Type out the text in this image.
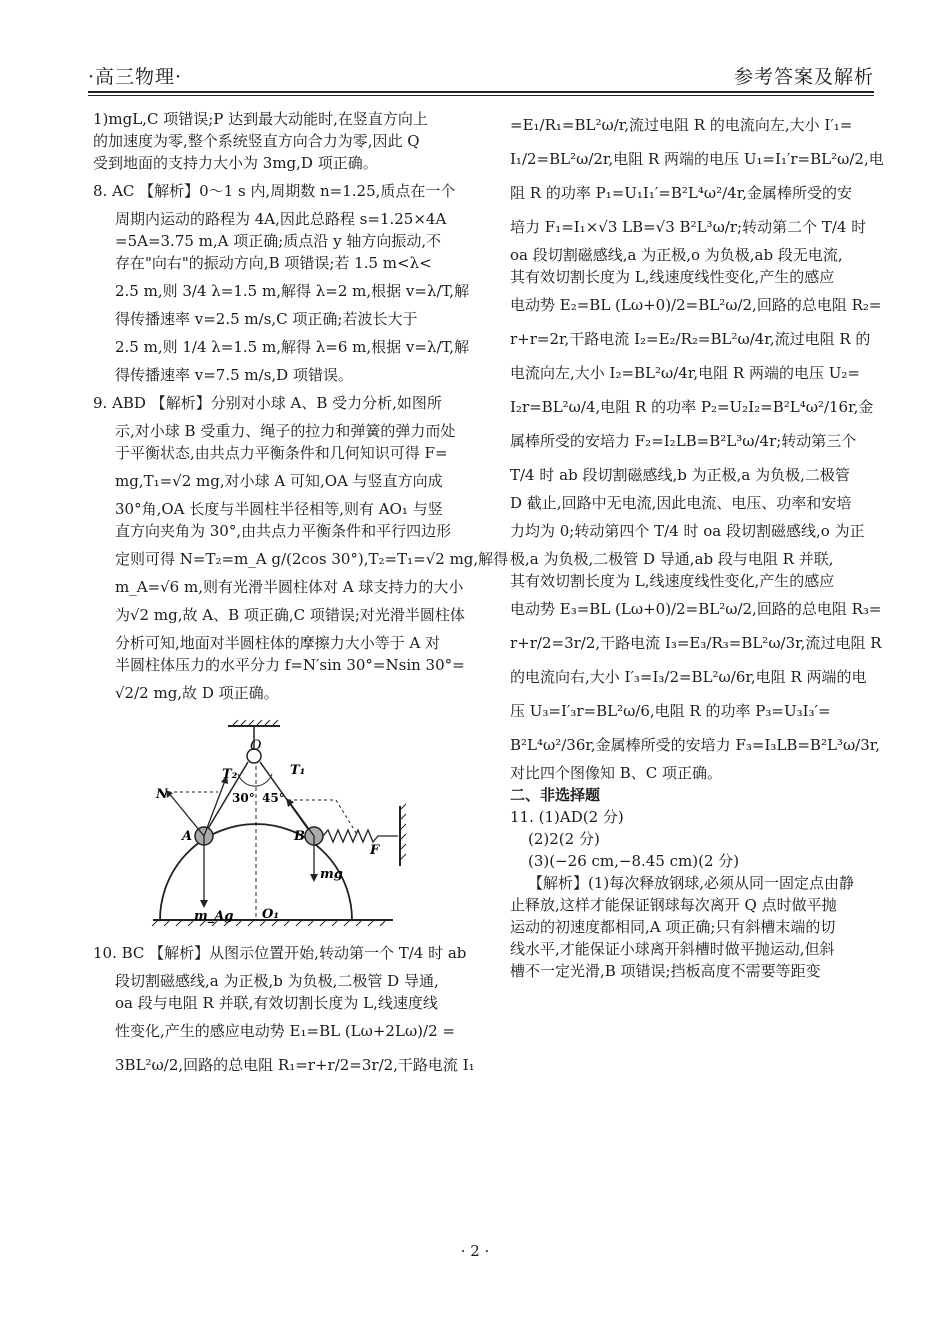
·高三物理·	参考答案及解析
1)mgL,C 项错误;P 达到最大动能时,在竖直方向上
的加速度为零,整个系统竖直方向合力为零,因此 Q
受到地面的支持力大小为 3mg,D 项正确。
8. AC 【解析】0～1 s 内,周期数 n=1.25,质点在一个
周期内运动的路程为 4A,因此总路程 s=1.25×4A
=5A=3.75 m,A 项正确;质点沿 y 轴方向振动,不
存在"向右"的振动方向,B 项错误;若 1.5 m<λ<
2.5 m,则 3/4 λ=1.5 m,解得 λ=2 m,根据 v=λ/T,解
得传播速率 v=2.5 m/s,C 项正确;若波长大于
2.5 m,则 1/4 λ=1.5 m,解得 λ=6 m,根据 v=λ/T,解
得传播速率 v=7.5 m/s,D 项错误。
9. ABD 【解析】分别对小球 A、B 受力分析,如图所
示,对小球 B 受重力、绳子的拉力和弹簧的弹力而处
于平衡状态,由共点力平衡条件和几何知识可得 F=
mg,T₁=√2 mg,对小球 A 可知,OA 与竖直方向成
30°角,OA 长度与半圆柱半径相等,则有 AO₁ 与竖
直方向夹角为 30°,由共点力平衡条件和平行四边形
定则可得 N=T₂=m_A g/(2cos 30°),T₂=T₁=√2 mg,解得
m_A=√6 m,则有光滑半圆柱体对 A 球支持力的大小
为√2 mg,故 A、B 项正确,C 项错误;对光滑半圆柱体
分析可知,地面对半圆柱体的摩擦力大小等于 A 对
半圆柱体压力的水平分力 f=N′sin 30°=Nsin 30°=
√2/2 mg,故 D 项正确。
O
T₂	T₁
N	30° 45°
A	B
F
mg
m_Ag O₁
10. BC 【解析】从图示位置开始,转动第一个 T/4 时 ab
段切割磁感线,a 为正极,b 为负极,二极管 D 导通,
oa 段与电阻 R 并联,有效切割长度为 L,线速度线
性变化,产生的感应电动势 E₁=BL (Lω+2Lω)/2 =
3BL²ω/2,回路的总电阻 R₁=r+r/2=3r/2,干路电流 I₁
=E₁/R₁=BL²ω/r,流过电阻 R 的电流向左,大小 I′₁=
I₁/2=BL²ω/2r,电阻 R 两端的电压 U₁=I₁′r=BL²ω/2,电
阻 R 的功率 P₁=U₁I₁′=B²L⁴ω²/4r,金属棒所受的安
培力 F₁=I₁×√3 LB=√3 B²L³ω/r;转动第二个 T/4 时
oa 段切割磁感线,a 为正极,o 为负极,ab 段无电流,
其有效切割长度为 L,线速度线性变化,产生的感应
电动势 E₂=BL (Lω+0)/2=BL²ω/2,回路的总电阻 R₂=
r+r=2r,干路电流 I₂=E₂/R₂=BL²ω/4r,流过电阻 R 的
电流向左,大小 I₂=BL²ω/4r,电阻 R 两端的电压 U₂=
I₂r=BL²ω/4,电阻 R 的功率 P₂=U₂I₂=B²L⁴ω²/16r,金
属棒所受的安培力 F₂=I₂LB=B²L³ω/4r;转动第三个
T/4 时 ab 段切割磁感线,b 为正极,a 为负极,二极管
D 截止,回路中无电流,因此电流、电压、功率和安培
力均为 0;转动第四个 T/4 时 oa 段切割磁感线,o 为正
极,a 为负极,二极管 D 导通,ab 段与电阻 R 并联,
其有效切割长度为 L,线速度线性变化,产生的感应
电动势 E₃=BL (Lω+0)/2=BL²ω/2,回路的总电阻 R₃=
r+r/2=3r/2,干路电流 I₃=E₃/R₃=BL²ω/3r,流过电阻 R
的电流向右,大小 I′₃=I₃/2=BL²ω/6r,电阻 R 两端的电
压 U₃=I′₃r=BL²ω/6,电阻 R 的功率 P₃=U₃I₃′=
B²L⁴ω²/36r,金属棒所受的安培力 F₃=I₃LB=B²L³ω/3r,
对比四个图像知 B、C 项正确。
二、非选择题
11. (1)AD(2 分)
(2)2(2 分)
(3)(−26 cm,−8.45 cm)(2 分)
【解析】(1)每次释放钢球,必须从同一固定点由静
止释放,这样才能保证钢球每次离开 Q 点时做平抛
运动的初速度都相同,A 项正确;只有斜槽末端的切
线水平,才能保证小球离开斜槽时做平抛运动,但斜
槽不一定光滑,B 项错误;挡板高度不需要等距变
· 2 ·
